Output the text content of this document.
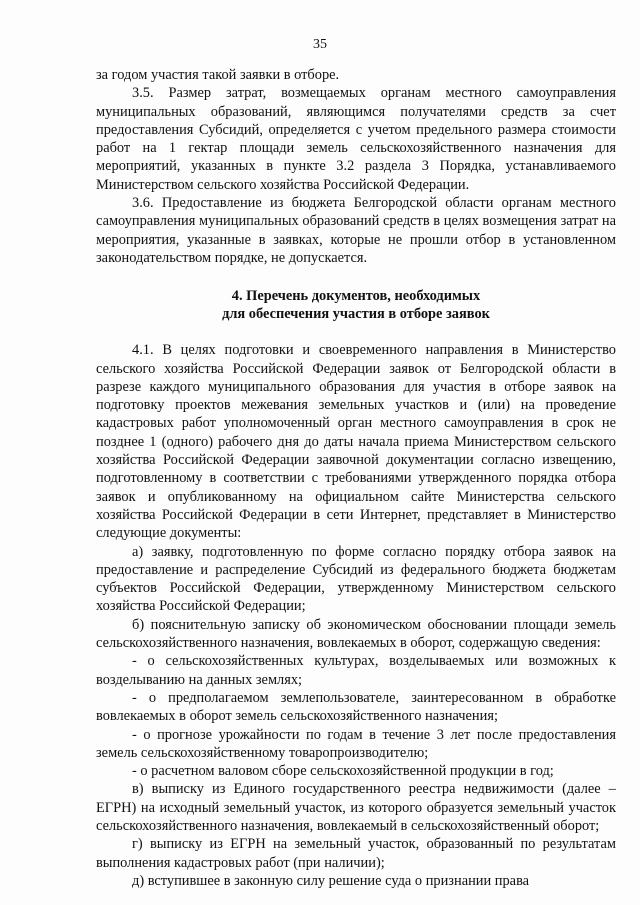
35

за годом участия такой заявки в отборе.

3.5. Размер затрат, возмещаемых органам местного самоуправления муниципальных образований, являющимся получателями средств за счет предоставления Субсидий, определяется с учетом предельного размера стоимости работ на 1 гектар площади земель сельскохозяйственного назначения для мероприятий, указанных в пункте 3.2 раздела 3 Порядка, устанавливаемого Министерством сельского хозяйства Российской Федерации.

3.6. Предоставление из бюджета Белгородской области органам местного самоуправления муниципальных образований средств в целях возмещения затрат на мероприятия, указанные в заявках, которые не прошли отбор в установленном законодательством порядке, не допускается.

4. Перечень документов, необходимых
для обеспечения участия в отборе заявок

4.1. В целях подготовки и своевременного направления в Министерство сельского хозяйства Российской Федерации заявок от Белгородской области в разрезе каждого муниципального образования для участия в отборе заявок на подготовку проектов межевания земельных участков и (или) на проведение кадастровых работ уполномоченный орган местного самоуправления в срок не позднее 1 (одного) рабочего дня до даты начала приема Министерством сельского хозяйства Российской Федерации заявочной документации согласно извещению, подготовленному в соответствии с требованиями утвержденного порядка отбора заявок и опубликованному на официальном сайте Министерства сельского хозяйства Российской Федерации в сети Интернет, представляет в Министерство следующие документы:

а) заявку, подготовленную по форме согласно порядку отбора заявок на предоставление и распределение Субсидий из федерального бюджета бюджетам субъектов Российской Федерации, утвержденному Министерством сельского хозяйства Российской Федерации;

б) пояснительную записку об экономическом обосновании площади земель сельскохозяйственного назначения, вовлекаемых в оборот, содержащую сведения:

- о сельскохозяйственных культурах, возделываемых или возможных к возделыванию на данных землях;

- о предполагаемом землепользователе, заинтересованном в обработке вовлекаемых в оборот земель сельскохозяйственного назначения;

- о прогнозе урожайности по годам в течение 3 лет после предоставления земель сельскохозяйственному товаропроизводителю;

- о расчетном валовом сборе сельскохозяйственной продукции в год;

в) выписку из Единого государственного реестра недвижимости (далее – ЕГРН) на исходный земельный участок, из которого образуется земельный участок сельскохозяйственного назначения, вовлекаемый в сельскохозяйственный оборот;

г) выписку из ЕГРН на земельный участок, образованный по результатам выполнения кадастровых работ (при наличии);

д) вступившее в законную силу решение суда о признании права
